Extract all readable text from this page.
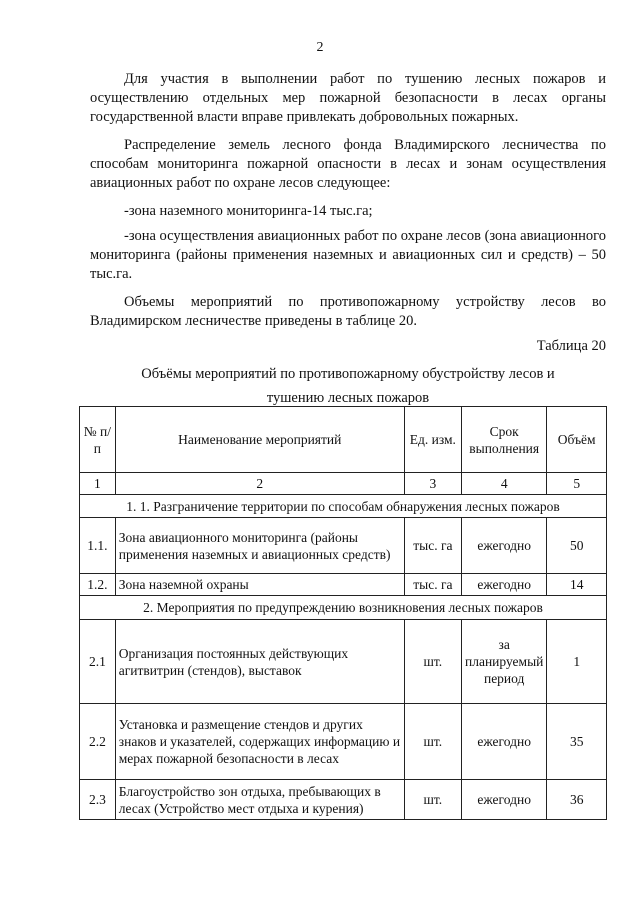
2

Для участия в выполнении работ по тушению лесных пожаров и осуществлению отдельных мер пожарной безопасности в лесах органы государственной власти вправе привлекать добровольных пожарных.

Распределение земель лесного фонда Владимирского лесничества по способам мониторинга пожарной опасности в лесах и зонам осуществления авиационных работ по охране лесов следующее:

-зона наземного мониторинга-14 тыс.га;

-зона осуществления авиационных работ по охране лесов (зона авиационного мониторинга (районы применения наземных и авиационных сил и средств) – 50 тыс.га.

Объемы мероприятий по противопожарному устройству лесов во Владимирском лесничестве приведены в таблице 20.

Таблица 20
Объёмы мероприятий по противопожарному обустройству лесов и
тушению лесных пожаров
№ п/п	Наименование мероприятий	Ед. изм.	Срок выполнения	Объём
1	2	3	4	5
1. 1. Разграничение территории по способам обнаружения лесных пожаров				
1.1.	Зона авиационного мониторинга (районы применения наземных и авиационных средств)	тыс. га	ежегодно	50
1.2.	Зона наземной охраны	тыс. га	ежегодно	14
2. Мероприятия по предупреждению возникновения лесных пожаров				
2.1	Организация постоянных действующих агитвитрин (стендов), выставок	шт.	за планируемый период	1
2.2	Установка и размещение стендов и других знаков и указателей, содержащих информацию и мерах пожарной безопасности в лесах	шт.	ежегодно	35
2.3	Благоустройство зон отдыха, пребывающих в лесах (Устройство мест отдыха и курения)	шт.	ежегодно	36
